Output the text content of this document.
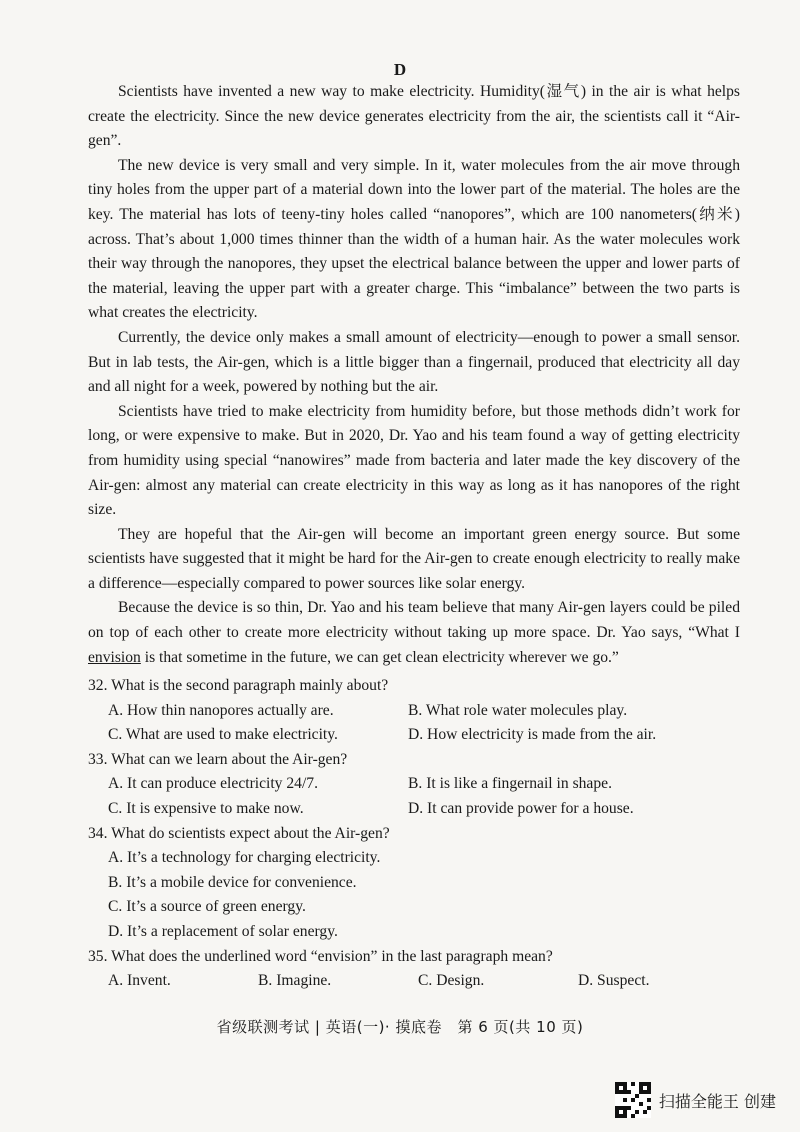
D

Scientists have invented a new way to make electricity. Humidity(湿气) in the air is what helps create the electricity. Since the new device generates electricity from the air, the scientists call it “Air-gen”.

The new device is very small and very simple. In it, water molecules from the air move through tiny holes from the upper part of a material down into the lower part of the material. The holes are the key. The material has lots of teeny-tiny holes called “nanopores”, which are 100 nanometers(纳米) across. That’s about 1,000 times thinner than the width of a human hair. As the water molecules work their way through the nanopores, they upset the electrical balance between the upper and lower parts of the material, leaving the upper part with a greater charge. This “imbalance” between the two parts is what creates the electricity.

Currently, the device only makes a small amount of electricity—enough to power a small sensor. But in lab tests, the Air-gen, which is a little bigger than a fingernail, produced that electricity all day and all night for a week, powered by nothing but the air.

Scientists have tried to make electricity from humidity before, but those methods didn’t work for long, or were expensive to make. But in 2020, Dr. Yao and his team found a way of getting electricity from humidity using special “nanowires” made from bacteria and later made the key discovery of the Air-gen: almost any material can create electricity in this way as long as it has nanopores of the right size.

They are hopeful that the Air-gen will become an important green energy source. But some scientists have suggested that it might be hard for the Air-gen to create enough electricity to really make a difference—especially compared to power sources like solar energy.

Because the device is so thin, Dr. Yao and his team believe that many Air-gen layers could be piled on top of each other to create more electricity without taking up more space. Dr. Yao says, “What I envision is that sometime in the future, we can get clean electricity wherever we go.”

32. What is the second paragraph mainly about?

A. How thin nanopores actually are.	B. What role water molecules play.
C. What are used to make electricity.	D. How electricity is made from the air.

33. What can we learn about the Air-gen?

A. It can produce electricity 24/7.	B. It is like a fingernail in shape.
C. It is expensive to make now.	D. It can provide power for a house.

34. What do scientists expect about the Air-gen?

A. It’s a technology for charging electricity.
B. It’s a mobile device for convenience.
C. It’s a source of green energy.
D. It’s a replacement of solar energy.

35. What does the underlined word “envision” in the last paragraph mean?

A. Invent.	B. Imagine.	C. Design.	D. Suspect.
省级联测考试 | 英语(一)· 摸底卷　第 6 页(共 10 页)
扫描全能王 创建
